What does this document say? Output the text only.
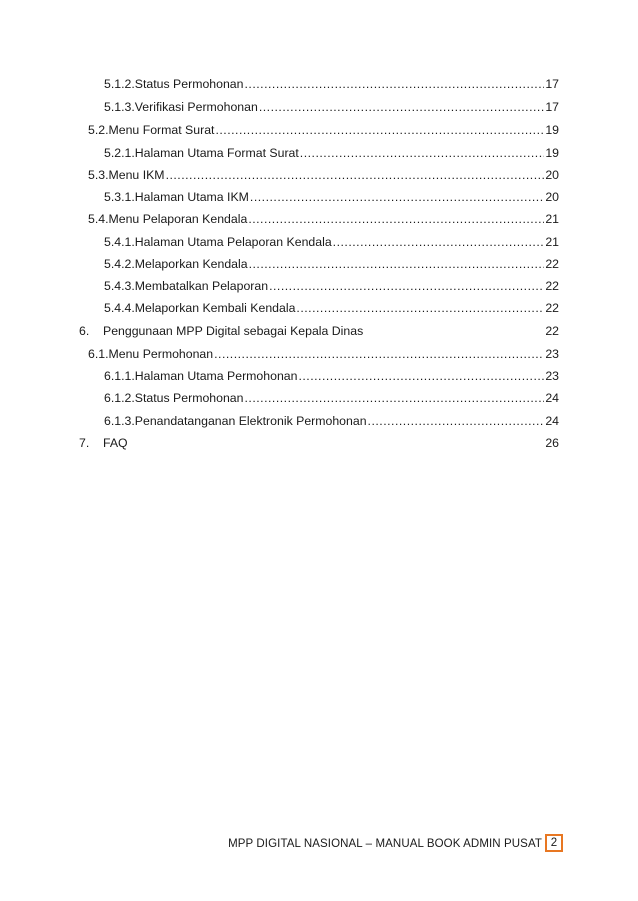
5.1.2. Status Permohonan .....	17
5.1.3. Verifikasi Permohonan .....	17
5.2. Menu Format Surat .....	19
5.2.1. Halaman Utama Format Surat .....	19
5.3. Menu IKM .....	20
5.3.1. Halaman Utama IKM .....	20
5.4. Menu Pelaporan Kendala .....	21
5.4.1. Halaman Utama Pelaporan Kendala .....	21
5.4.2. Melaporkan Kendala .....	22
5.4.3. Membatalkan Pelaporan .....	22
5.4.4. Melaporkan Kembali Kendala .....	22
6.	Penggunaan MPP Digital sebagai Kepala Dinas	22
6.1. Menu Permohonan .....	23
6.1.1. Halaman Utama Permohonan .....	23
6.1.2. Status Permohonan .....	24
6.1.3. Penandatanganan Elektronik Permohonan .....	24
7.	FAQ	26
MPP DIGITAL NASIONAL – MANUAL BOOK ADMIN PUSAT 2
